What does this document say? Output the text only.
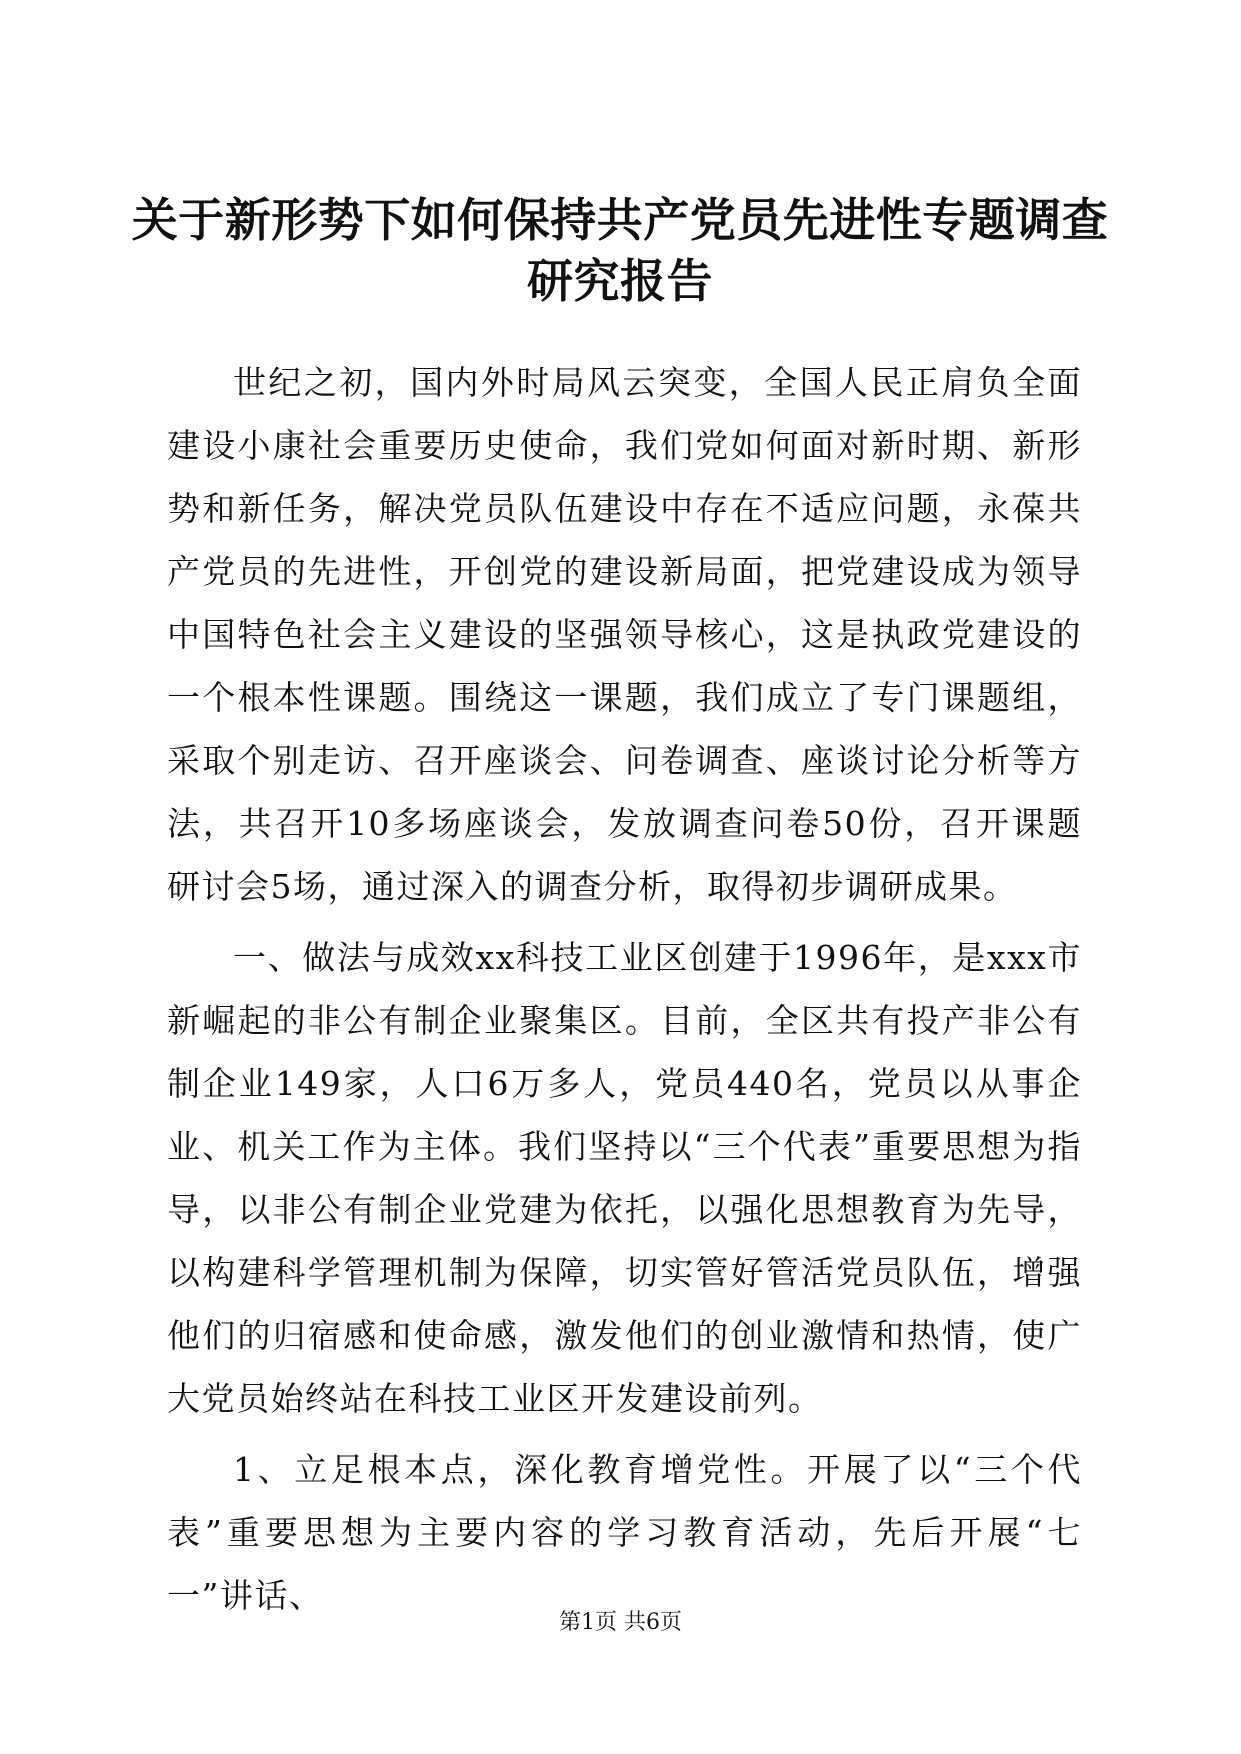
关于新形势下如何保持共产党员先进性专题调查研究报告

世纪之初，国内外时局风云突变，全国人民正肩负全面建设小康社会重要历史使命，我们党如何面对新时期、新形势和新任务，解决党员队伍建设中存在不适应问题，永葆共产党员的先进性，开创党的建设新局面，把党建设成为领导中国特色社会主义建设的坚强领导核心，这是执政党建设的一个根本性课题。围绕这一课题，我们成立了专门课题组，采取个别走访、召开座谈会、问卷调查、座谈讨论分析等方法，共召开10多场座谈会，发放调查问卷50份，召开课题研讨会5场，通过深入的调查分析，取得初步调研成果。

一、做法与成效xx科技工业区创建于1996年，是xxx市新崛起的非公有制企业聚集区。目前，全区共有投产非公有制企业149家，人口6万多人，党员440名，党员以从事企业、机关工作为主体。我们坚持以“三个代表”重要思想为指导，以非公有制企业党建为依托，以强化思想教育为先导，以构建科学管理机制为保障，切实管好管活党员队伍，增强他们的归宿感和使命感，激发他们的创业激情和热情，使广大党员始终站在科技工业区开发建设前列。

1、立足根本点，深化教育增党性。开展了以“三个代表”重要思想为主要内容的学习教育活动，先后开展“七一”讲话、

第1页 共6页
